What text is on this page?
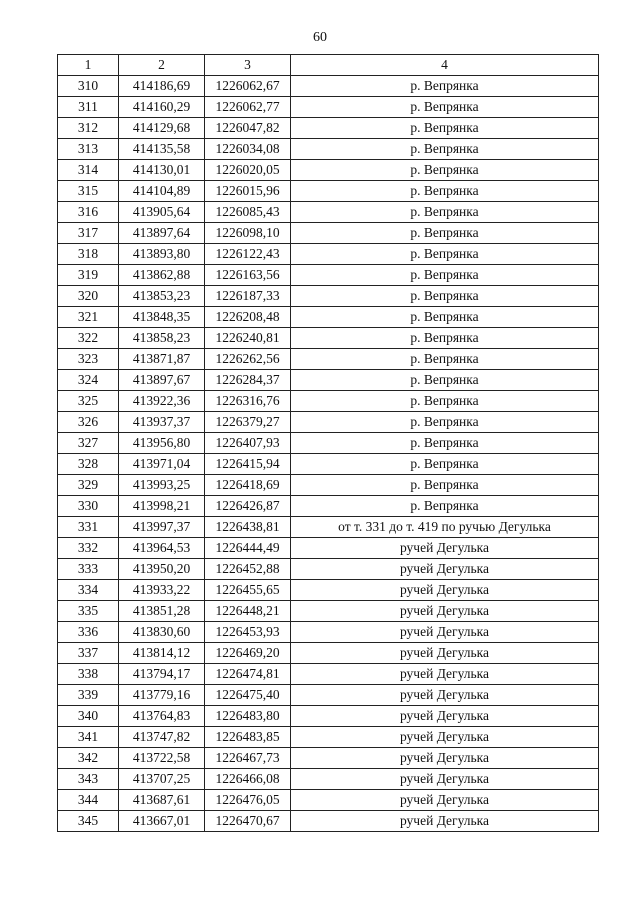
60
1	2	3	4
310	414186,69	1226062,67	р. Вепрянка
311	414160,29	1226062,77	р. Вепрянка
312	414129,68	1226047,82	р. Вепрянка
313	414135,58	1226034,08	р. Вепрянка
314	414130,01	1226020,05	р. Вепрянка
315	414104,89	1226015,96	р. Вепрянка
316	413905,64	1226085,43	р. Вепрянка
317	413897,64	1226098,10	р. Вепрянка
318	413893,80	1226122,43	р. Вепрянка
319	413862,88	1226163,56	р. Вепрянка
320	413853,23	1226187,33	р. Вепрянка
321	413848,35	1226208,48	р. Вепрянка
322	413858,23	1226240,81	р. Вепрянка
323	413871,87	1226262,56	р. Вепрянка
324	413897,67	1226284,37	р. Вепрянка
325	413922,36	1226316,76	р. Вепрянка
326	413937,37	1226379,27	р. Вепрянка
327	413956,80	1226407,93	р. Вепрянка
328	413971,04	1226415,94	р. Вепрянка
329	413993,25	1226418,69	р. Вепрянка
330	413998,21	1226426,87	р. Вепрянка
331	413997,37	1226438,81	от т. 331 до т. 419 по ручью Дегулька
332	413964,53	1226444,49	ручей Дегулька
333	413950,20	1226452,88	ручей Дегулька
334	413933,22	1226455,65	ручей Дегулька
335	413851,28	1226448,21	ручей Дегулька
336	413830,60	1226453,93	ручей Дегулька
337	413814,12	1226469,20	ручей Дегулька
338	413794,17	1226474,81	ручей Дегулька
339	413779,16	1226475,40	ручей Дегулька
340	413764,83	1226483,80	ручей Дегулька
341	413747,82	1226483,85	ручей Дегулька
342	413722,58	1226467,73	ручей Дегулька
343	413707,25	1226466,08	ручей Дегулька
344	413687,61	1226476,05	ручей Дегулька
345	413667,01	1226470,67	ручей Дегулька
